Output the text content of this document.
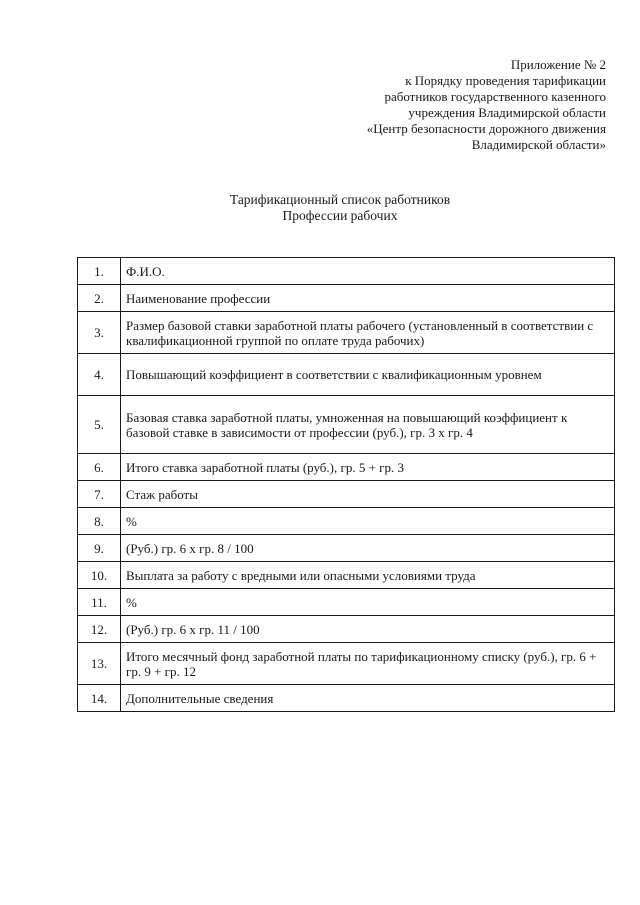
Приложение № 2
к Порядку проведения тарификации
работников государственного казенного
учреждения Владимирской области
«Центр безопасности дорожного движения
Владимирской области»
Тарификационный список работников
Профессии рабочих
1.	Ф.И.О.
2.	Наименование профессии
3.	Размер базовой ставки заработной платы рабочего (установленный в соответствии с квалификационной группой по оплате труда рабочих)
4.	Повышающий коэффициент в соответствии с квалификационным уровнем
5.	Базовая ставка заработной платы, умноженная на повышающий коэффициент к базовой ставке в зависимости от профессии (руб.), гр. 3 х гр. 4
6.	Итого ставка заработной платы (руб.), гр. 5 + гр. 3
7.	Стаж работы
8.	%
9.	(Руб.) гр. 6 х гр. 8 / 100
10.	Выплата за работу с вредными или опасными условиями труда
11.	%
12.	(Руб.) гр. 6 х гр. 11 / 100
13.	Итого месячный фонд заработной платы по тарификационному списку (руб.), гр. 6 + гр. 9 + гр. 12
14.	Дополнительные сведения
